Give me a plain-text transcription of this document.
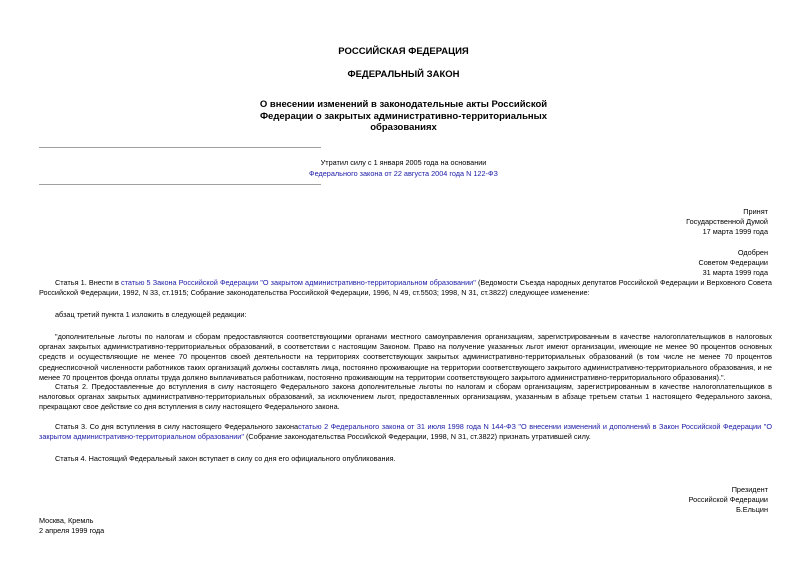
РОССИЙСКАЯ ФЕДЕРАЦИЯ
ФЕДЕРАЛЬНЫЙ ЗАКОН
О внесении изменений в законодательные акты Российской
Федерации о закрытых административно-территориальных
образованиях
Утратил силу с 1 января 2005 года на основании
Федерального закона от 22 августа 2004 года N 122-ФЗ
Принят
Государственной Думой
17 марта 1999 года
Одобрен
Советом Федерации
31 марта 1999 года
Статья 1. Внести в статью 5 Закона Российской Федерации "О закрытом административно-территориальном образовании" (Ведомости Съезда народных депутатов Российской Федерации и Верховного Совета Российской Федерации, 1992, N 33, ст.1915; Собрание законодательства Российской Федерации, 1996, N 49, ст.5503; 1998, N 31, ст.3822) следующее изменение:
абзац третий пункта 1 изложить в следующей редакции:
"дополнительные льготы по налогам и сборам предоставляются соответствующими органами местного самоуправления организациям, зарегистрированным в качестве налогоплательщиков в налоговых органах закрытых административно-территориальных образований, в соответствии с настоящим Законом. Право на получение указанных льгот имеют организации, имеющие не менее 90 процентов основных средств и осуществляющие не менее 70 процентов своей деятельности на территориях соответствующих закрытых административно-территориальных образований (в том числе не менее 70 процентов среднесписочной численности работников таких организаций должны составлять лица, постоянно проживающие на территории соответствующего закрытого административно-территориального образования, и не менее 70 процентов фонда оплаты труда должно выплачиваться работникам, постоянно проживающим на территории соответствующего закрытого административно-территориального образования).".
Статья 2. Предоставленные до вступления в силу настоящего Федерального закона дополнительные льготы по налогам и сборам организациям, зарегистрированным в качестве налогоплательщиков в налоговых органах закрытых административно-территориальных образований, за исключением льгот, предоставленных организациям, указанным в абзаце третьем статьи 1 настоящего Федерального закона, прекращают свое действие со дня вступления в силу настоящего Федерального закона.
Статья 3. Со дня вступления в силу настоящего Федерального законастатью 2 Федерального закона от 31 июля 1998 года N 144-ФЗ "О внесении изменений и дополнений в Закон Российской Федерации "О закрытом административно-территориальном образовании" (Собрание законодательства Российской Федерации, 1998, N 31, ст.3822) признать утратившей силу.
Статья 4. Настоящий Федеральный закон вступает в силу со дня его официального опубликования.
Президент
Российской Федерации
Б.Ельцин
Москва, Кремль
2 апреля 1999 года
